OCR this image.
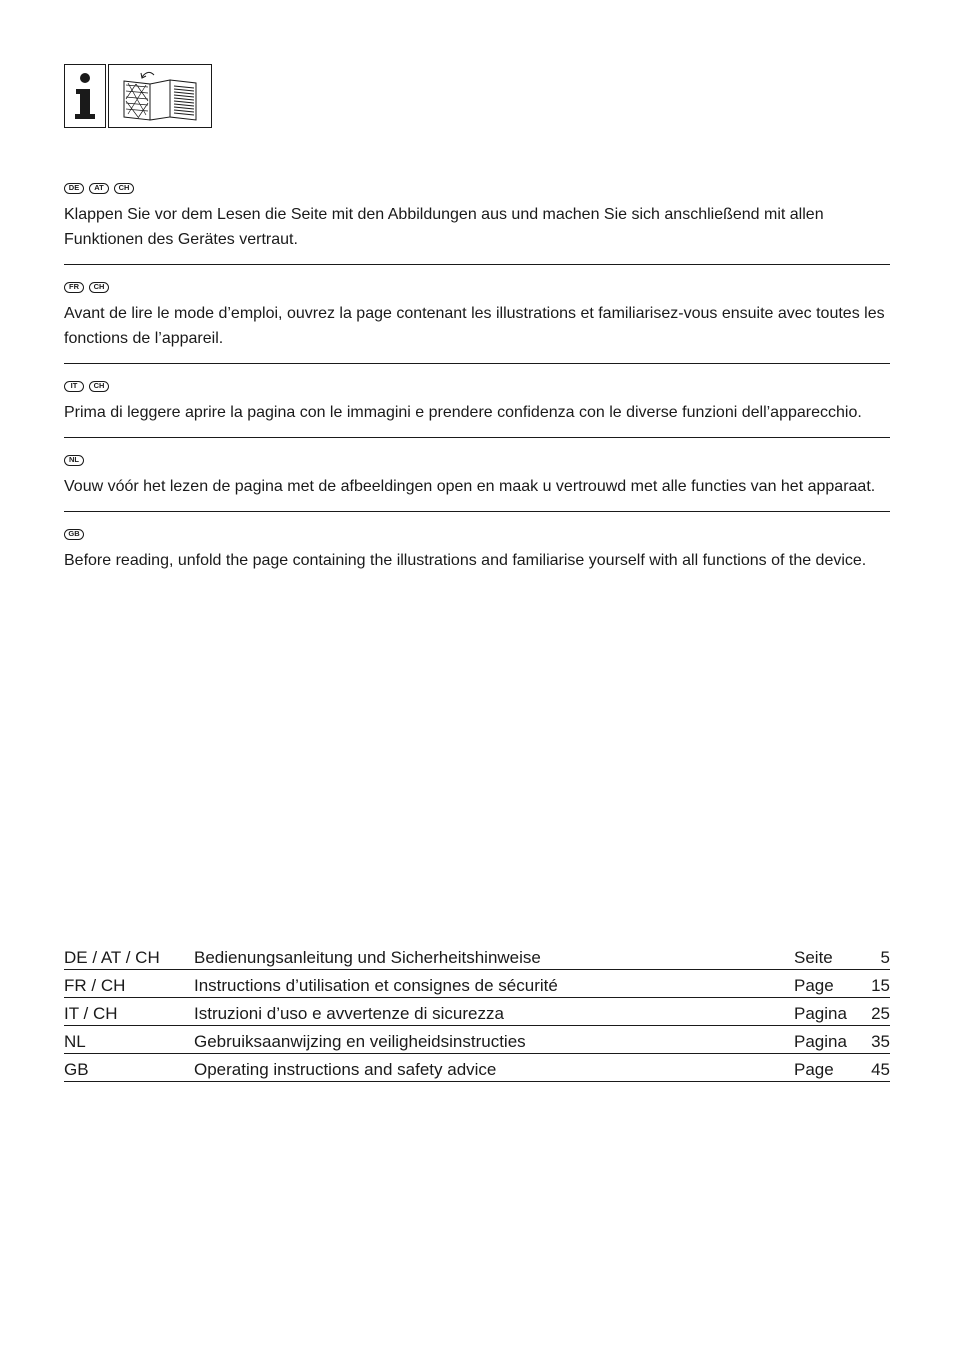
DE	AT	CH
Klappen Sie vor dem Lesen die Seite mit den Abbildungen aus und machen Sie sich anschließend mit allen Funktionen des Gerätes vertraut.
FR	CH
Avant de lire le mode d’emploi, ouvrez la page contenant les illustrations et familiarisez-vous ensuite avec toutes les fonctions de l’appareil.
IT	CH
Prima di leggere aprire la pagina con le immagini e prendere confidenza con le diverse funzioni dell’apparecchio.
NL
Vouw vóór het lezen de pagina met de afbeeldingen open en maak u vertrouwd met alle functies van het apparaat.
GB
Before reading, unfold the page containing the illustrations and familiarise yourself with all functions of the device.
DE / AT / CH	Bedienungsanleitung und Sicherheitshinweise	Seite	5
FR / CH	Instructions d’utilisation et consignes de sécurité	Page	15
IT / CH	Istruzioni d’uso e avvertenze di sicurezza	Pagina	25
NL	Gebruiksaanwijzing en veiligheidsinstructies	Pagina	35
GB	Operating instructions and safety advice	Page	45
